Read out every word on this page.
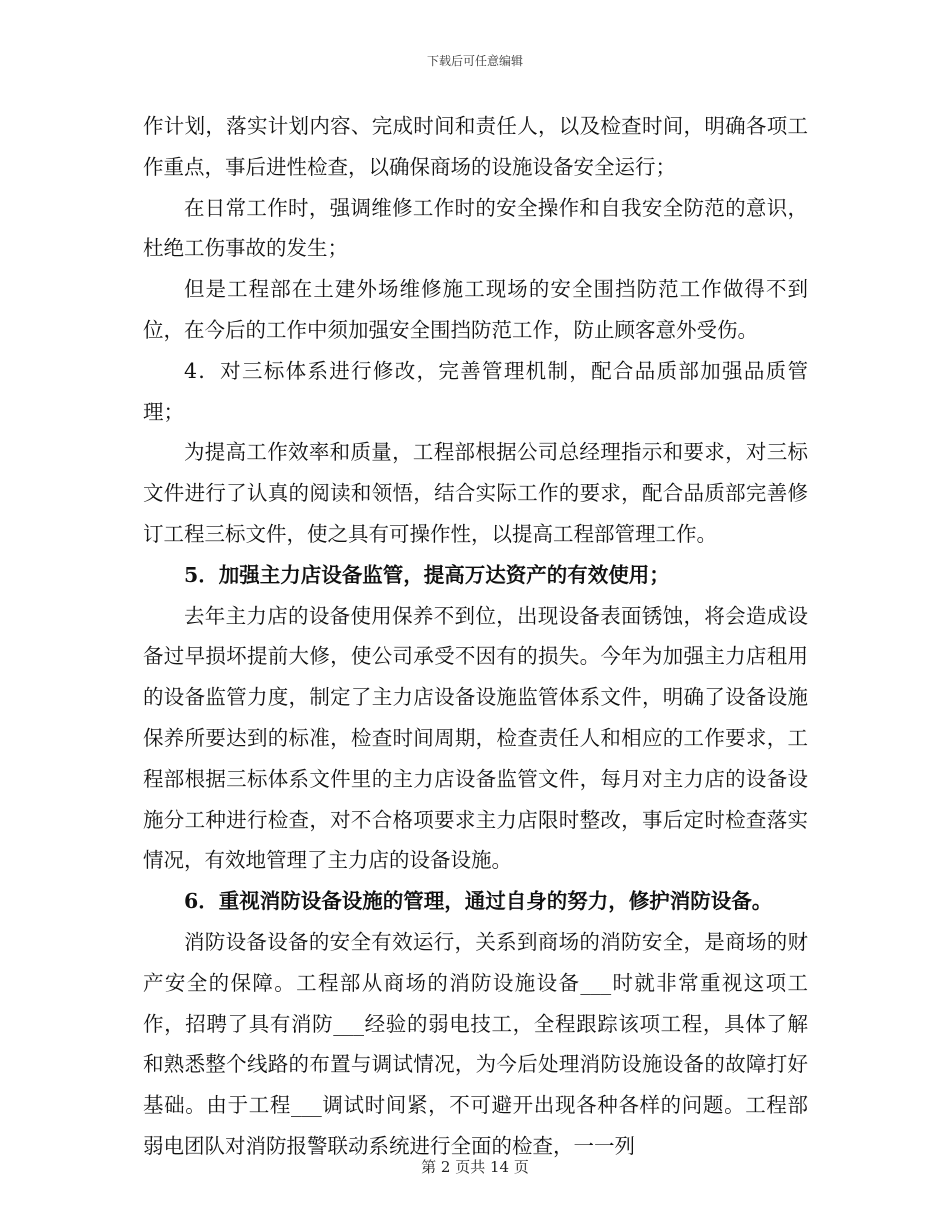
下载后可任意编辑

作计划，落实计划内容、完成时间和责任人，以及检查时间，明确各项工作重点，事后进性检查，以确保商场的设施设备安全运行；

在日常工作时，强调维修工作时的安全操作和自我安全防范的意识，杜绝工伤事故的发生；

但是工程部在土建外场维修施工现场的安全围挡防范工作做得不到位，在今后的工作中须加强安全围挡防范工作，防止顾客意外受伤。

4．对三标体系进行修改，完善管理机制，配合品质部加强品质管理；

为提高工作效率和质量，工程部根据公司总经理指示和要求，对三标文件进行了认真的阅读和领悟，结合实际工作的要求，配合品质部完善修订工程三标文件，使之具有可操作性，以提高工程部管理工作。

5．加强主力店设备监管，提高万达资产的有效使用；

去年主力店的设备使用保养不到位，出现设备表面锈蚀，将会造成设备过早损坏提前大修，使公司承受不因有的损失。今年为加强主力店租用的设备监管力度，制定了主力店设备设施监管体系文件，明确了设备设施保养所要达到的标准，检查时间周期，检查责任人和相应的工作要求，工程部根据三标体系文件里的主力店设备监管文件，每月对主力店的设备设施分工种进行检查，对不合格项要求主力店限时整改，事后定时检查落实情况，有效地管理了主力店的设备设施。

6．重视消防设备设施的管理，通过自身的努力，修护消防设备。

消防设备设备的安全有效运行，关系到商场的消防安全，是商场的财产安全的保障。工程部从商场的消防设施设备___时就非常重视这项工作，招聘了具有消防___经验的弱电技工，全程跟踪该项工程，具体了解和熟悉整个线路的布置与调试情况，为今后处理消防设施设备的故障打好基础。由于工程___调试时间紧，不可避开出现各种各样的问题。工程部弱电团队对消防报警联动系统进行全面的检查，一一列

第 2 页共 14 页
